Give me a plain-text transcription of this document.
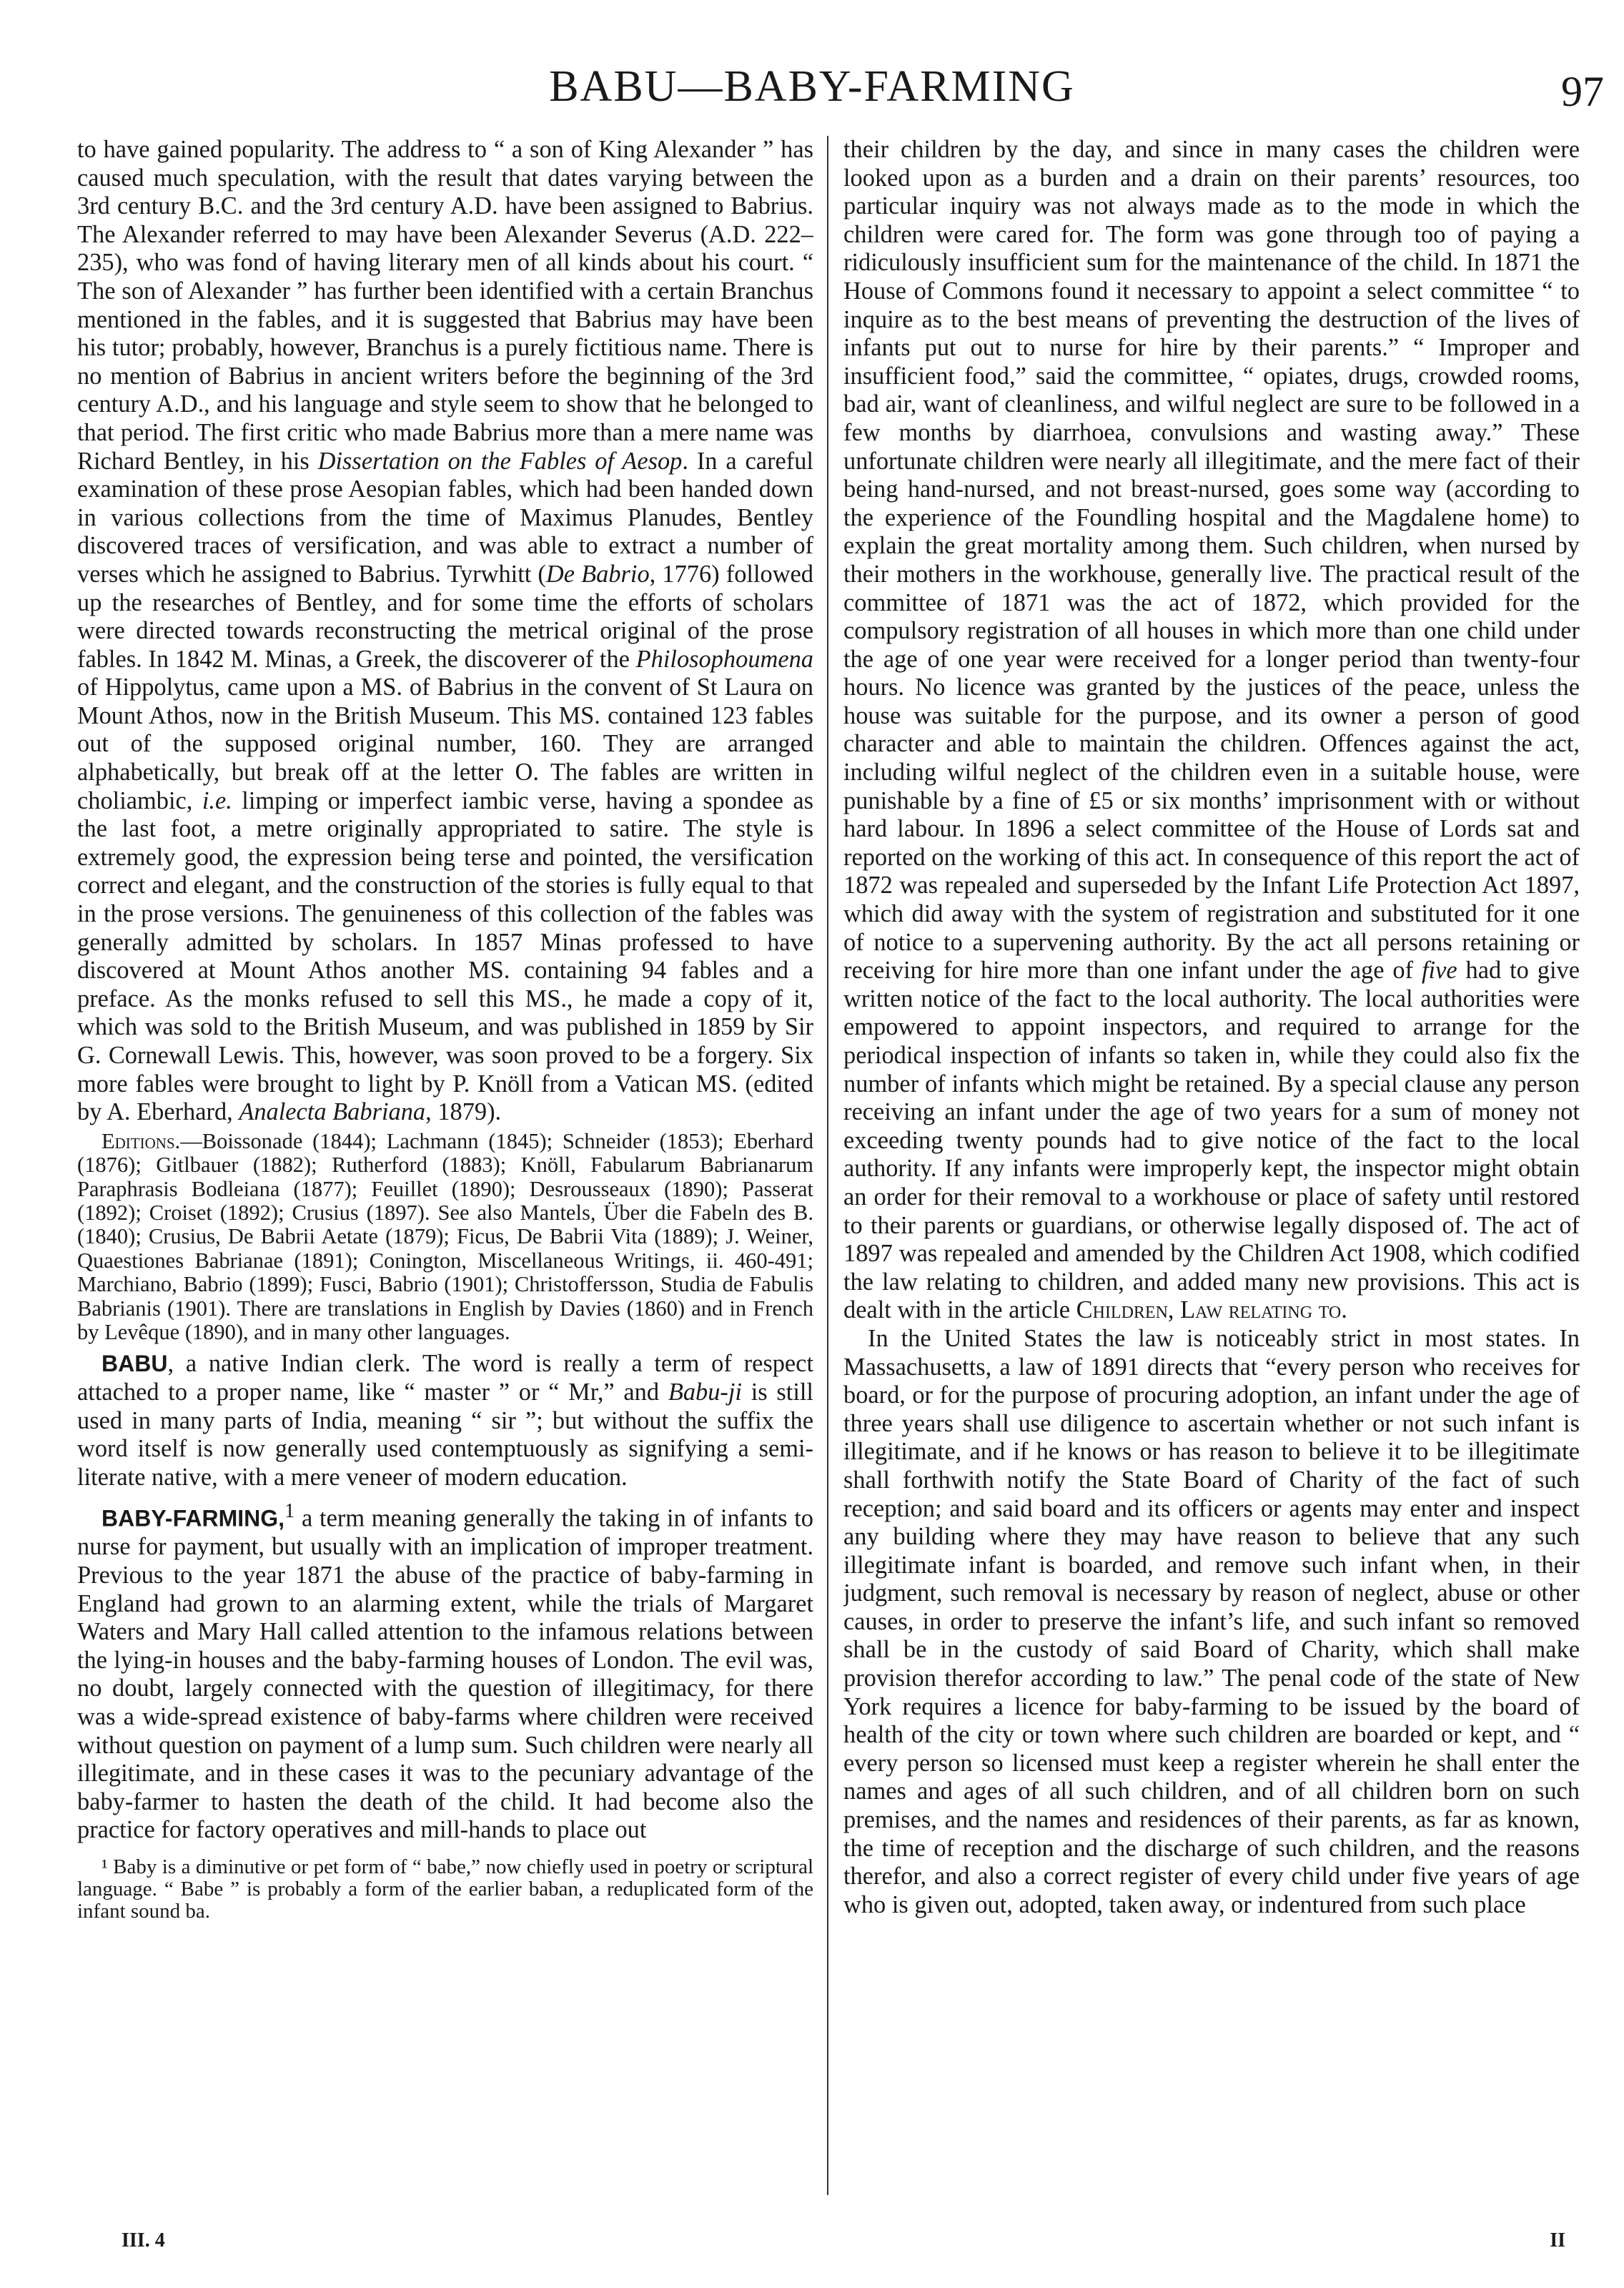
BABU—BABY-FARMING	97

to have gained popularity. The address to “ a son of King Alexander ” has caused much speculation, with the result that dates varying between the 3rd century B.C. and the 3rd century A.D. have been assigned to Babrius. The Alexander referred to may have been Alexander Severus (A.D. 222–235), who was fond of having literary men of all kinds about his court. “ The son of Alexander ” has further been identified with a certain Branchus mentioned in the fables, and it is suggested that Babrius may have been his tutor; probably, however, Branchus is a purely fictitious name. There is no mention of Babrius in ancient writers before the beginning of the 3rd century A.D., and his language and style seem to show that he belonged to that period. The first critic who made Babrius more than a mere name was Richard Bentley, in his Dissertation on the Fables of Aesop. In a careful examination of these prose Aesopian fables, which had been handed down in various collections from the time of Maximus Planudes, Bentley discovered traces of versification, and was able to extract a number of verses which he assigned to Babrius. Tyrwhitt (De Babrio, 1776) followed up the researches of Bentley, and for some time the efforts of scholars were directed towards reconstructing the metrical original of the prose fables. In 1842 M. Minas, a Greek, the discoverer of the Philosophoumena of Hippolytus, came upon a MS. of Babrius in the convent of St Laura on Mount Athos, now in the British Museum. This MS. contained 123 fables out of the supposed original number, 160. They are arranged alphabetically, but break off at the letter O. The fables are written in choliambic, i.e. limping or imperfect iambic verse, having a spondee as the last foot, a metre originally appropriated to satire. The style is extremely good, the expression being terse and pointed, the versification correct and elegant, and the construction of the stories is fully equal to that in the prose versions. The genuineness of this collection of the fables was generally admitted by scholars. In 1857 Minas professed to have discovered at Mount Athos another MS. containing 94 fables and a preface. As the monks refused to sell this MS., he made a copy of it, which was sold to the British Museum, and was published in 1859 by Sir G. Cornewall Lewis. This, however, was soon proved to be a forgery. Six more fables were brought to light by P. Knöll from a Vatican MS. (edited by A. Eberhard, Analecta Babriana, 1879).

Editions.—Boissonade (1844); Lachmann (1845); Schneider (1853); Eberhard (1876); Gitlbauer (1882); Rutherford (1883); Knöll, Fabularum Babrianarum Paraphrasis Bodleiana (1877); Feuillet (1890); Desrousseaux (1890); Passerat (1892); Croiset (1892); Crusius (1897). See also Mantels, Über die Fabeln des B. (1840); Crusius, De Babrii Aetate (1879); Ficus, De Babrii Vita (1889); J. Weiner, Quaestiones Babrianae (1891); Conington, Miscellaneous Writings, ii. 460-491; Marchiano, Babrio (1899); Fusci, Babrio (1901); Christoffersson, Studia de Fabulis Babrianis (1901). There are translations in English by Davies (1860) and in French by Levêque (1890), and in many other languages.

BABU, a native Indian clerk. The word is really a term of respect attached to a proper name, like “ master ” or “ Mr,” and Babu-ji is still used in many parts of India, meaning “ sir ”; but without the suffix the word itself is now generally used contemptuously as signifying a semi-literate native, with a mere veneer of modern education.

BABY-FARMING,$^1$ a term meaning generally the taking in of infants to nurse for payment, but usually with an implication of improper treatment. Previous to the year 1871 the abuse of the practice of baby-farming in England had grown to an alarming extent, while the trials of Margaret Waters and Mary Hall called attention to the infamous relations between the lying-in houses and the baby-farming houses of London. The evil was, no doubt, largely connected with the question of illegitimacy, for there was a wide-spread existence of baby-farms where children were received without question on payment of a lump sum. Such children were nearly all illegitimate, and in these cases it was to the pecuniary advantage of the baby-farmer to hasten the death of the child. It had become also the practice for factory operatives and mill-hands to place out

¹ Baby is a diminutive or pet form of “ babe,” now chiefly used in poetry or scriptural language. “ Babe ” is probably a form of the earlier baban, a reduplicated form of the infant sound ba.

their children by the day, and since in many cases the children were looked upon as a burden and a drain on their parents’ resources, too particular inquiry was not always made as to the mode in which the children were cared for. The form was gone through too of paying a ridiculously insufficient sum for the maintenance of the child. In 1871 the House of Commons found it necessary to appoint a select committee “ to inquire as to the best means of preventing the destruction of the lives of infants put out to nurse for hire by their parents.” “ Improper and insufficient food,” said the committee, “ opiates, drugs, crowded rooms, bad air, want of cleanliness, and wilful neglect are sure to be followed in a few months by diarrhoea, convulsions and wasting away.” These unfortunate children were nearly all illegitimate, and the mere fact of their being hand-nursed, and not breast-nursed, goes some way (according to the experience of the Foundling hospital and the Magdalene home) to explain the great mortality among them. Such children, when nursed by their mothers in the workhouse, generally live. The practical result of the committee of 1871 was the act of 1872, which provided for the compulsory registration of all houses in which more than one child under the age of one year were received for a longer period than twenty-four hours. No licence was granted by the justices of the peace, unless the house was suitable for the purpose, and its owner a person of good character and able to maintain the children. Offences against the act, including wilful neglect of the children even in a suitable house, were punishable by a fine of £5 or six months’ imprisonment with or without hard labour. In 1896 a select committee of the House of Lords sat and reported on the working of this act. In consequence of this report the act of 1872 was repealed and superseded by the Infant Life Protection Act 1897, which did away with the system of registration and substituted for it one of notice to a supervening authority. By the act all persons retaining or receiving for hire more than one infant under the age of five had to give written notice of the fact to the local authority. The local authorities were empowered to appoint inspectors, and required to arrange for the periodical inspection of infants so taken in, while they could also fix the number of infants which might be retained. By a special clause any person receiving an infant under the age of two years for a sum of money not exceeding twenty pounds had to give notice of the fact to the local authority. If any infants were improperly kept, the inspector might obtain an order for their removal to a workhouse or place of safety until restored to their parents or guardians, or otherwise legally disposed of. The act of 1897 was repealed and amended by the Children Act 1908, which codified the law relating to children, and added many new provisions. This act is dealt with in the article Children, Law relating to.

In the United States the law is noticeably strict in most states. In Massachusetts, a law of 1891 directs that “every person who receives for board, or for the purpose of procuring adoption, an infant under the age of three years shall use diligence to ascertain whether or not such infant is illegitimate, and if he knows or has reason to believe it to be illegitimate shall forthwith notify the State Board of Charity of the fact of such reception; and said board and its officers or agents may enter and inspect any building where they may have reason to believe that any such illegitimate infant is boarded, and remove such infant when, in their judgment, such removal is necessary by reason of neglect, abuse or other causes, in order to preserve the infant’s life, and such infant so removed shall be in the custody of said Board of Charity, which shall make provision therefor according to law.” The penal code of the state of New York requires a licence for baby-farming to be issued by the board of health of the city or town where such children are boarded or kept, and “ every person so licensed must keep a register wherein he shall enter the names and ages of all such children, and of all children born on such premises, and the names and residences of their parents, as far as known, the time of reception and the discharge of such children, and the reasons therefor, and also a correct register of every child under five years of age who is given out, adopted, taken away, or indentured from such place

III. 4	II
